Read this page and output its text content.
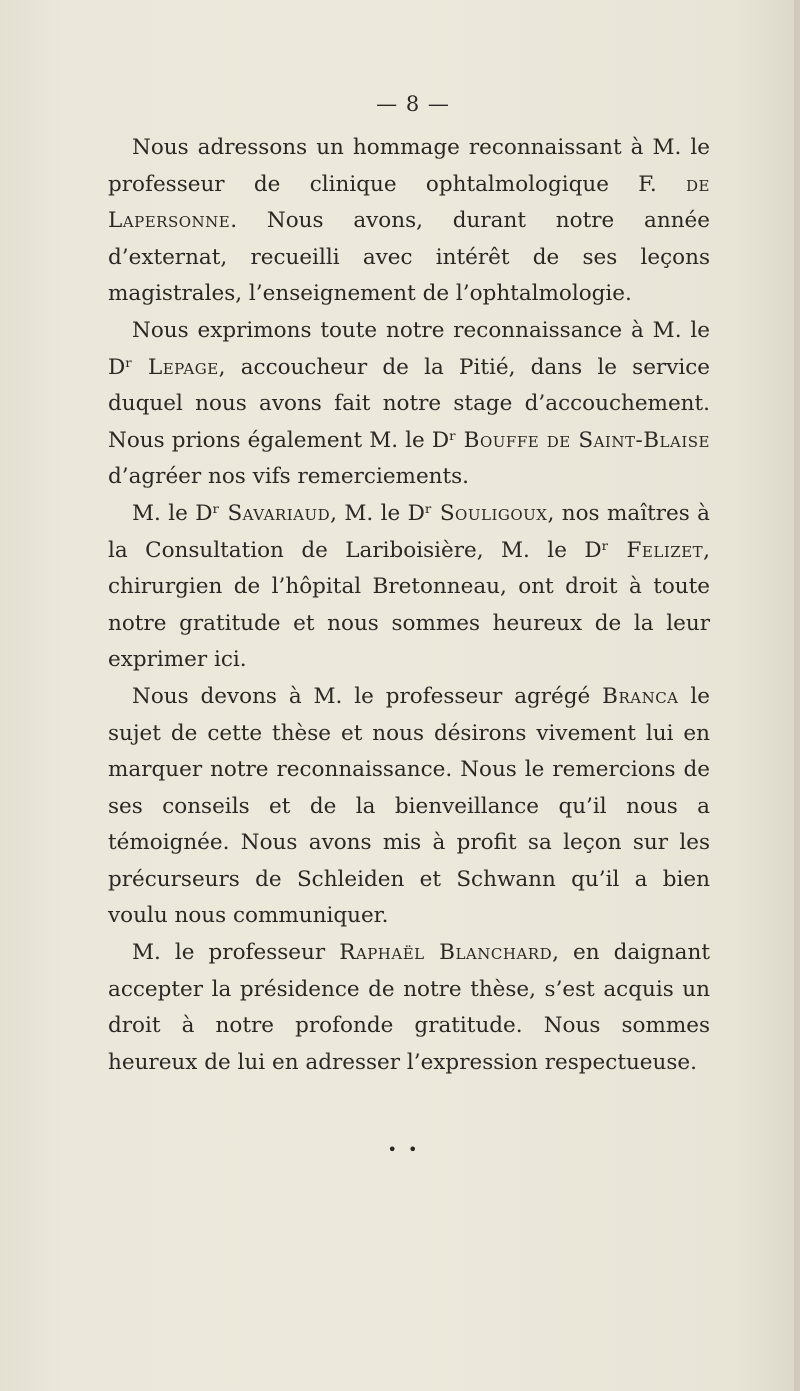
— 8 —

Nous adressons un hommage reconnaissant à M. le professeur de clinique ophtalmologique F. de Lapersonne. Nous avons, durant notre année d’externat, recueilli avec intérêt de ses leçons magistrales, l’enseignement de l’ophtalmologie.

Nous exprimons toute notre reconnaissance à M. le Dʳ Lepage, accoucheur de la Pitié, dans le service duquel nous avons fait notre stage d’accouchement. Nous prions également M. le Dʳ Bouffe de Saint-Blaise d’agréer nos vifs remerciements.

M. le Dʳ Savariaud, M. le Dʳ Souligoux, nos maîtres à la Consultation de Lariboisière, M. le Dʳ Felizet, chirurgien de l’hôpital Bretonneau, ont droit à toute notre gratitude et nous sommes heureux de la leur exprimer ici.

Nous devons à M. le professeur agrégé Branca le sujet de cette thèse et nous désirons vivement lui en marquer notre reconnaissance. Nous le remercions de ses conseils et de la bienveillance qu’il nous a témoignée. Nous avons mis à profit sa leçon sur les précurseurs de Schleiden et Schwann qu’il a bien voulu nous communiquer.

M. le professeur Raphaël Blanchard, en daignant accepter la présidence de notre thèse, s’est acquis un droit à notre profonde gratitude. Nous sommes heureux de lui en adresser l’expression respectueuse.

• •
